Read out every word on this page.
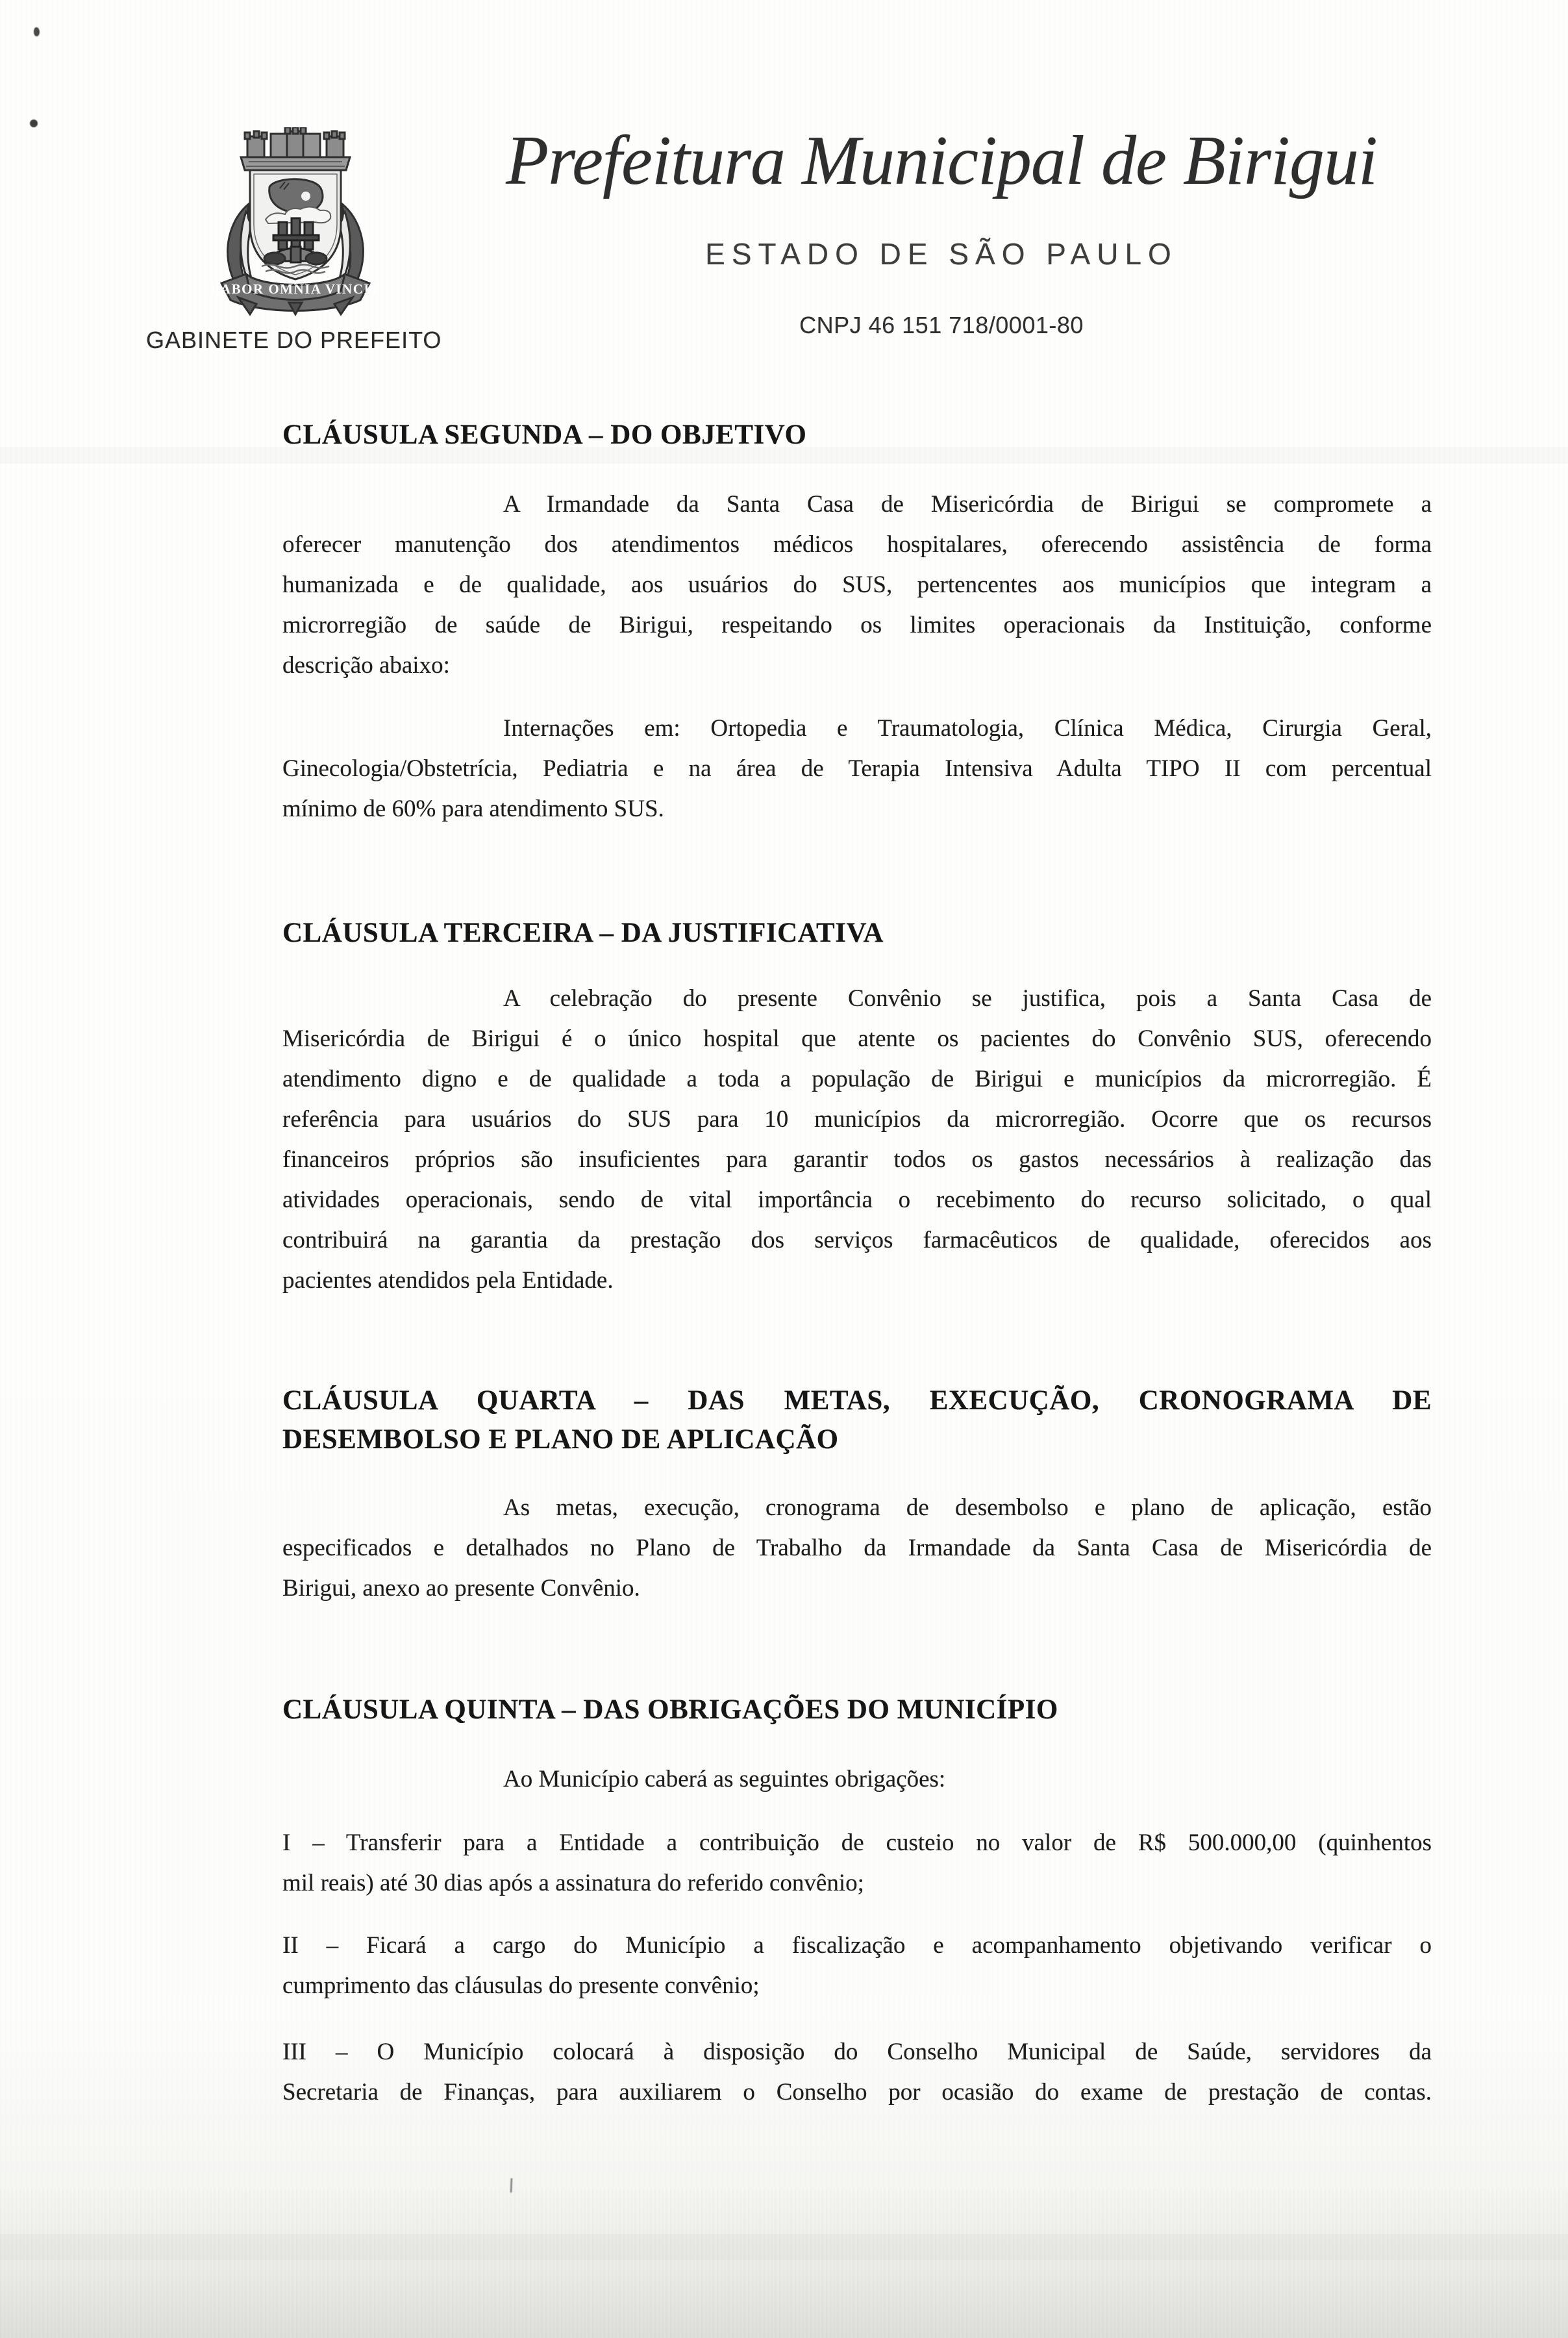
LABOR OMNIA VINCIT
GABINETE DO PREFEITO
Prefeitura Municipal de Birigui
ESTADO DE SÃO PAULO
CNPJ 46 151 718/0001-80
CLÁUSULA SEGUNDA – DO OBJETIVO
A Irmandade da Santa Casa de Misericórdia de Birigui se compromete a
oferecer manutenção dos atendimentos médicos hospitalares, oferecendo assistência de forma
humanizada e de qualidade, aos usuários do SUS, pertencentes aos municípios que integram a
microrregião de saúde de Birigui, respeitando os limites operacionais da Instituição, conforme
descrição abaixo:
Internações em: Ortopedia e Traumatologia, Clínica Médica, Cirurgia Geral,
Ginecologia/Obstetrícia, Pediatria e na área de Terapia Intensiva Adulta TIPO II com percentual
mínimo de 60% para atendimento SUS.
CLÁUSULA TERCEIRA – DA JUSTIFICATIVA
A celebração do presente Convênio se justifica, pois a Santa Casa de
Misericórdia de Birigui é o único hospital que atente os pacientes do Convênio SUS, oferecendo
atendimento digno e de qualidade a toda a população de Birigui e municípios da microrregião. É
referência para usuários do SUS para 10 municípios da microrregião. Ocorre que os recursos
financeiros próprios são insuficientes para garantir todos os gastos necessários à realização das
atividades operacionais, sendo de vital importância o recebimento do recurso solicitado, o qual
contribuirá na garantia da prestação dos serviços farmacêuticos de qualidade, oferecidos aos
pacientes atendidos pela Entidade.
CLÁUSULA QUARTA – DAS METAS, EXECUÇÃO, CRONOGRAMA DE
DESEMBOLSO E PLANO DE APLICAÇÃO
As metas, execução, cronograma de desembolso e plano de aplicação, estão
especificados e detalhados no Plano de Trabalho da Irmandade da Santa Casa de Misericórdia de
Birigui, anexo ao presente Convênio.
CLÁUSULA QUINTA – DAS OBRIGAÇÕES DO MUNICÍPIO
Ao Município caberá as seguintes obrigações:
I – Transferir para a Entidade a contribuição de custeio no valor de R$ 500.000,00 (quinhentos
mil reais) até 30 dias após a assinatura do referido convênio;
II – Ficará a cargo do Município a fiscalização e acompanhamento objetivando verificar o
cumprimento das cláusulas do presente convênio;
III – O Município colocará à disposição do Conselho Municipal de Saúde, servidores da
Secretaria de Finanças, para auxiliarem o Conselho por ocasião do exame de prestação de contas.
